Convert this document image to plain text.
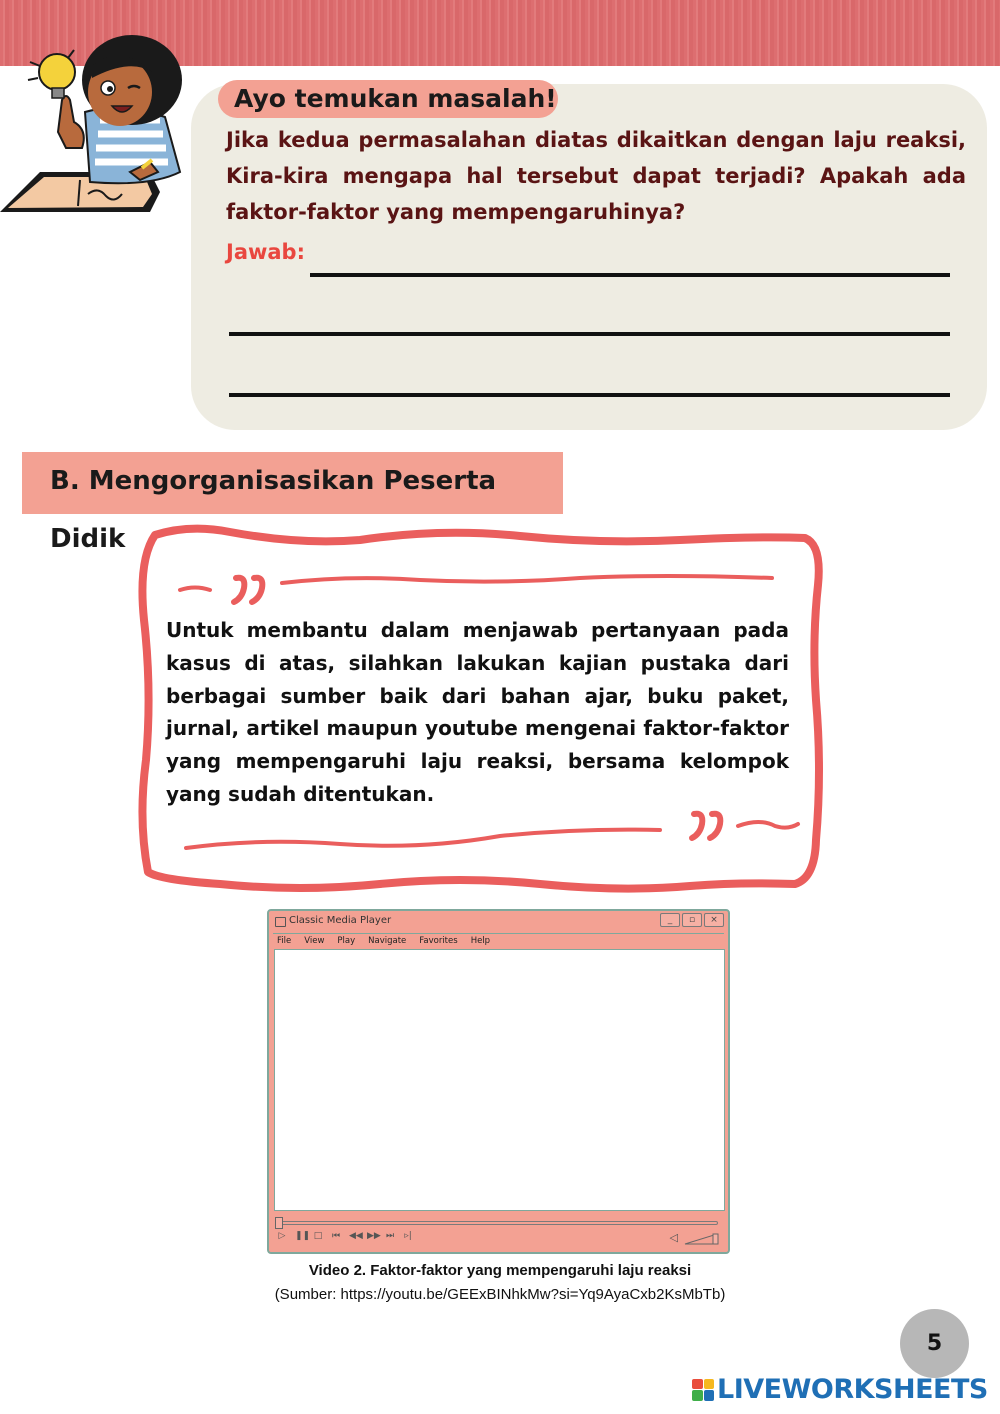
Ayo temukan masalah!

Jika kedua permasalahan diatas dikaitkan dengan laju reaksi, Kira-kira mengapa hal tersebut dapat terjadi? Apakah ada faktor-faktor yang mempengaruhinya?

Jawab:
B. Mengorganisasikan Peserta Didik

Untuk membantu dalam menjawab pertanyaan pada kasus di atas, silahkan lakukan kajian pustaka dari berbagai sumber baik dari bahan ajar, buku paket, jurnal, artikel maupun youtube mengenai faktor-faktor yang mempengaruhi laju reaksi, bersama kelompok yang sudah ditentukan.

Classic Media Player	_	▫	×
File	View	Play	Navigate	Favorites	Help
▷ ❚❚ □ ⏮ ◀◀ ▶▶ ⏭ ▹|	◁
Video 2. Faktor-faktor yang mempengaruhi laju reaksi
(Sumber: https://youtu.be/GEExBINhkMw?si=Yq9AyaCxb2KsMbTb)
5
LIVEWORKSHEETS
